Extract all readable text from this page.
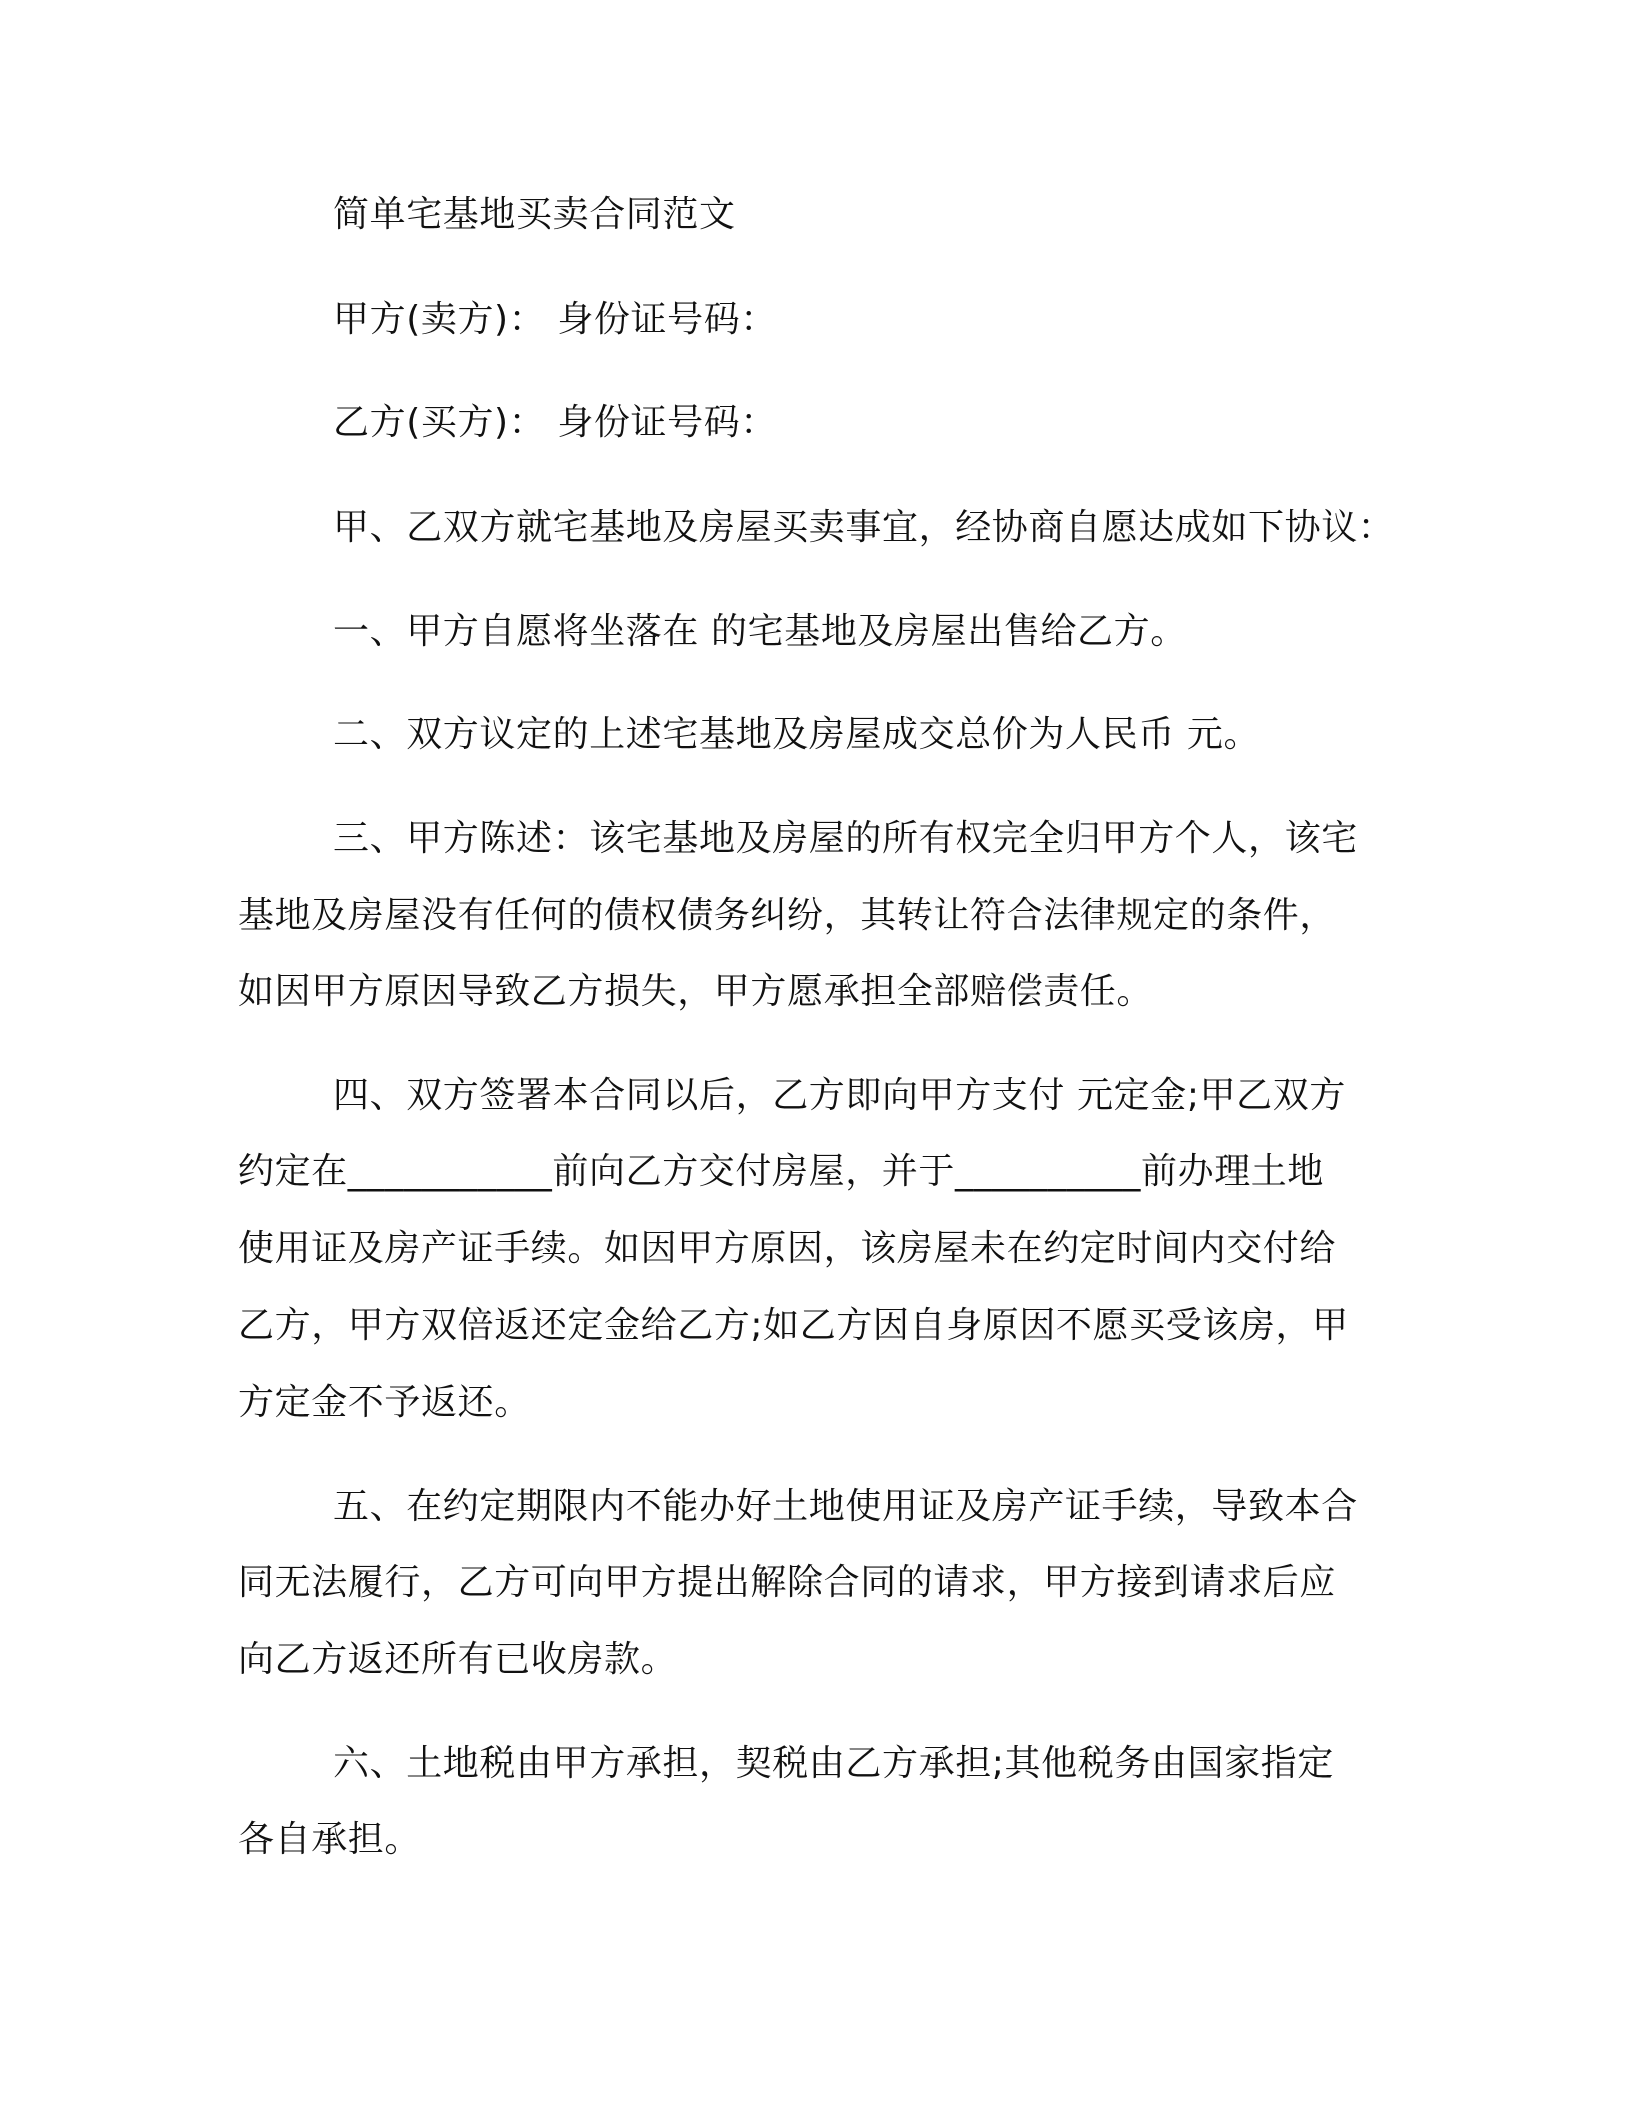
简单宅基地买卖合同范文
甲方(卖方)： 身份证号码：
乙方(买方)： 身份证号码：
甲、乙双方就宅基地及房屋买卖事宜，经协商自愿达成如下协议：
一、甲方自愿将坐落在 的宅基地及房屋出售给乙方。
二、双方议定的上述宅基地及房屋成交总价为人民币 元。
三、甲方陈述：该宅基地及房屋的所有权完全归甲方个人，该宅
基地及房屋没有任何的债权债务纠纷，其转让符合法律规定的条件，
如因甲方原因导致乙方损失，甲方愿承担全部赔偿责任。
四、双方签署本合同以后，乙方即向甲方支付 元定金;甲乙双方
约定在___________前向乙方交付房屋，并于__________前办理土地
使用证及房产证手续。如因甲方原因，该房屋未在约定时间内交付给
乙方，甲方双倍返还定金给乙方;如乙方因自身原因不愿买受该房，甲
方定金不予返还。
五、在约定期限内不能办好土地使用证及房产证手续，导致本合
同无法履行，乙方可向甲方提出解除合同的请求，甲方接到请求后应
向乙方返还所有已收房款。
六、土地税由甲方承担，契税由乙方承担;其他税务由国家指定
各自承担。
